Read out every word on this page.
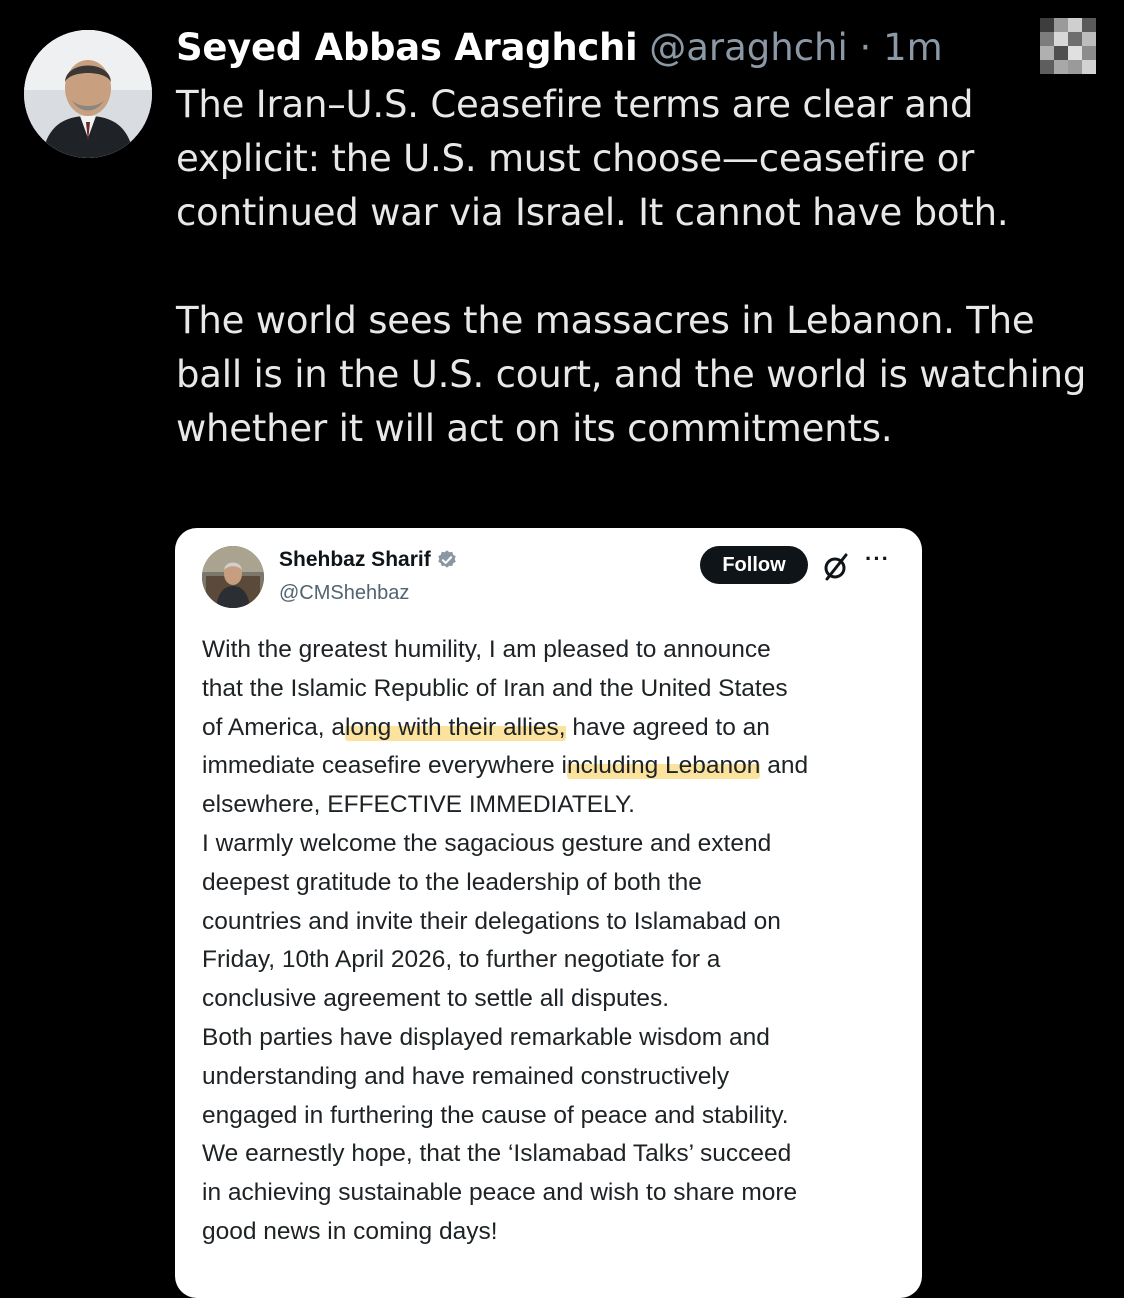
Seyed Abbas Araghchi @araghchi · 1m

The Iran–U.S. Ceasefire terms are clear and explicit: the U.S. must choose—ceasefire or continued war via Israel. It cannot have both.

The world sees the massacres in Lebanon. The ball is in the U.S. court, and the world is watching whether it will act on its commitments.

Shehbaz Sharif
@CMShehbaz
Follow	···

With the greatest humility, I am pleased to announce

that the Islamic Republic of Iran and the United States

of America, along with their allies, have agreed to an

immediate ceasefire everywhere including Lebanon and

elsewhere, EFFECTIVE IMMEDIATELY.

I warmly welcome the sagacious gesture and extend

deepest gratitude to the leadership of both the

countries and invite their delegations to Islamabad on

Friday, 10th April 2026, to further negotiate for a

conclusive agreement to settle all disputes.

Both parties have displayed remarkable wisdom and

understanding and have remained constructively

engaged in furthering the cause of peace and stability.

We earnestly hope, that the ‘Islamabad Talks’ succeed

in achieving sustainable peace and wish to share more

good news in coming days!
